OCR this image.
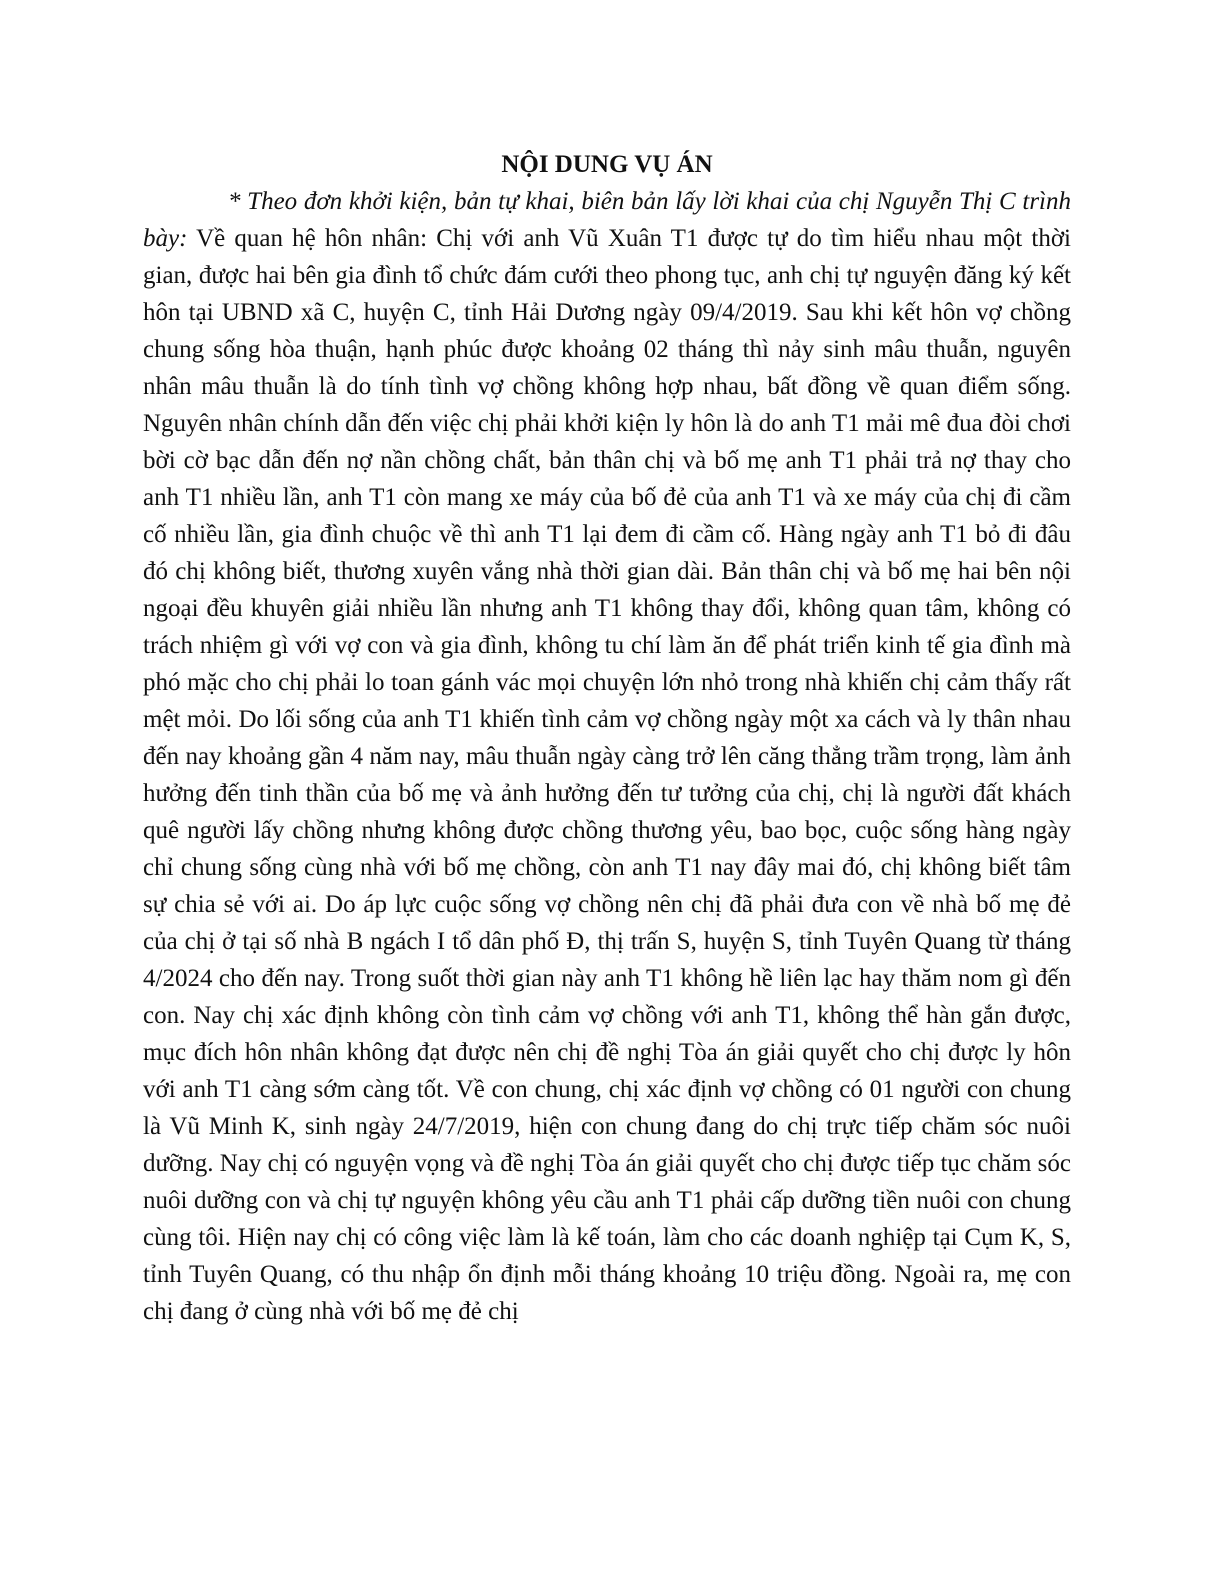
NỘI DUNG VỤ ÁN

* Theo đơn khởi kiện, bản tự khai, biên bản lấy lời khai của chị Nguyễn Thị C trình bày: Về quan hệ hôn nhân: Chị với anh Vũ Xuân T1 được tự do tìm hiểu nhau một thời gian, được hai bên gia đình tổ chức đám cưới theo phong tục, anh chị tự nguyện đăng ký kết hôn tại UBND xã C, huyện C, tỉnh Hải Dương ngày 09/4/2019. Sau khi kết hôn vợ chồng chung sống hòa thuận, hạnh phúc được khoảng 02 tháng thì nảy sinh mâu thuẫn, nguyên nhân mâu thuẫn là do tính tình vợ chồng không hợp nhau, bất đồng về quan điểm sống. Nguyên nhân chính dẫn đến việc chị phải khởi kiện ly hôn là do anh T1 mải mê đua đòi chơi bời cờ bạc dẫn đến nợ nần chồng chất, bản thân chị và bố mẹ anh T1 phải trả nợ thay cho anh T1 nhiều lần, anh T1 còn mang xe máy của bố đẻ của anh T1 và xe máy của chị đi cầm cố nhiều lần, gia đình chuộc về thì anh T1 lại đem đi cầm cố. Hàng ngày anh T1 bỏ đi đâu đó chị không biết, thương xuyên vắng nhà thời gian dài. Bản thân chị và bố mẹ hai bên nội ngoại đều khuyên giải nhiều lần nhưng anh T1 không thay đổi, không quan tâm, không có trách nhiệm gì với vợ con và gia đình, không tu chí làm ăn để phát triển kinh tế gia đình mà phó mặc cho chị phải lo toan gánh vác mọi chuyện lớn nhỏ trong nhà khiến chị cảm thấy rất mệt mỏi. Do lối sống của anh T1 khiến tình cảm vợ chồng ngày một xa cách và ly thân nhau đến nay khoảng gần 4 năm nay, mâu thuẫn ngày càng trở lên căng thẳng trầm trọng, làm ảnh hưởng đến tinh thần của bố mẹ và ảnh hưởng đến tư tưởng của chị, chị là người đất khách quê người lấy chồng nhưng không được chồng thương yêu, bao bọc, cuộc sống hàng ngày chỉ chung sống cùng nhà với bố mẹ chồng, còn anh T1 nay đây mai đó, chị không biết tâm sự chia sẻ với ai. Do áp lực cuộc sống vợ chồng nên chị đã phải đưa con về nhà bố mẹ đẻ của chị ở tại số nhà B ngách I tổ dân phố Đ, thị trấn S, huyện S, tỉnh Tuyên Quang từ tháng 4/2024 cho đến nay. Trong suốt thời gian này anh T1 không hề liên lạc hay thăm nom gì đến con. Nay chị xác định không còn tình cảm vợ chồng với anh T1, không thể hàn gắn được, mục đích hôn nhân không đạt được nên chị đề nghị Tòa án giải quyết cho chị được ly hôn với anh T1 càng sớm càng tốt. Về con chung, chị xác định vợ chồng có 01 người con chung là Vũ Minh K, sinh ngày 24/7/2019, hiện con chung đang do chị trực tiếp chăm sóc nuôi dưỡng. Nay chị có nguyện vọng và đề nghị Tòa án giải quyết cho chị được tiếp tục chăm sóc nuôi dưỡng con và chị tự nguyện không yêu cầu anh T1 phải cấp dưỡng tiền nuôi con chung cùng tôi. Hiện nay chị có công việc làm là kế toán, làm cho các doanh nghiệp tại Cụm K, S, tỉnh Tuyên Quang, có thu nhập ổn định mỗi tháng khoảng 10 triệu đồng. Ngoài ra, mẹ con chị đang ở cùng nhà với bố mẹ đẻ chị
